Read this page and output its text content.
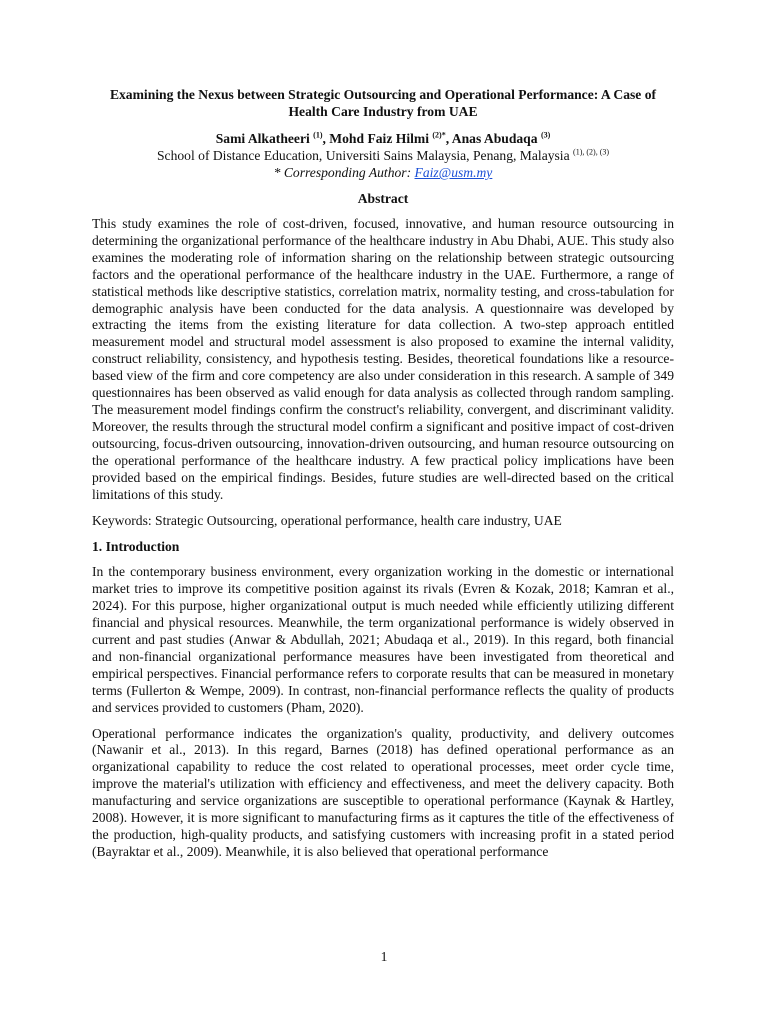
Examining the Nexus between Strategic Outsourcing and Operational Performance: A Case of Health Care Industry from UAE

Sami Alkatheeri $^{(1)}$, Mohd Faiz Hilmi $^{(2)*}$, Anas Abudaqa $^{(3)}$

School of Distance Education, Universiti Sains Malaysia, Penang, Malaysia $^{(1), (2), (3)}$

* Corresponding Author: Faiz@usm.my

Abstract

This study examines the role of cost-driven, focused, innovative, and human resource outsourcing in determining the organizational performance of the healthcare industry in Abu Dhabi, AUE. This study also examines the moderating role of information sharing on the relationship between strategic outsourcing factors and the operational performance of the healthcare industry in the UAE. Furthermore, a range of statistical methods like descriptive statistics, correlation matrix, normality testing, and cross-tabulation for demographic analysis have been conducted for the data analysis. A questionnaire was developed by extracting the items from the existing literature for data collection. A two-step approach entitled measurement model and structural model assessment is also proposed to examine the internal validity, construct reliability, consistency, and hypothesis testing. Besides, theoretical foundations like a resource-based view of the firm and core competency are also under consideration in this research. A sample of 349 questionnaires has been observed as valid enough for data analysis as collected through random sampling. The measurement model findings confirm the construct's reliability, convergent, and discriminant validity. Moreover, the results through the structural model confirm a significant and positive impact of cost-driven outsourcing, focus-driven outsourcing, innovation-driven outsourcing, and human resource outsourcing on the operational performance of the healthcare industry. A few practical policy implications have been provided based on the empirical findings. Besides, future studies are well-directed based on the critical limitations of this study.

Keywords: Strategic Outsourcing, operational performance, health care industry, UAE

1. Introduction

In the contemporary business environment, every organization working in the domestic or international market tries to improve its competitive position against its rivals (Evren & Kozak, 2018; Kamran et al., 2024). For this purpose, higher organizational output is much needed while efficiently utilizing different financial and physical resources. Meanwhile, the term organizational performance is widely observed in current and past studies (Anwar & Abdullah, 2021; Abudaqa et al., 2019). In this regard, both financial and non-financial organizational performance measures have been investigated from theoretical and empirical perspectives. Financial performance refers to corporate results that can be measured in monetary terms (Fullerton & Wempe, 2009). In contrast, non-financial performance reflects the quality of products and services provided to customers (Pham, 2020).

Operational performance indicates the organization's quality, productivity, and delivery outcomes (Nawanir et al., 2013). In this regard, Barnes (2018) has defined operational performance as an organizational capability to reduce the cost related to operational processes, meet order cycle time, improve the material's utilization with efficiency and effectiveness, and meet the delivery capacity. Both manufacturing and service organizations are susceptible to operational performance (Kaynak & Hartley, 2008). However, it is more significant to manufacturing firms as it captures the title of the effectiveness of the production, high-quality products, and satisfying customers with increasing profit in a stated period (Bayraktar et al., 2009). Meanwhile, it is also believed that operational performance

1
